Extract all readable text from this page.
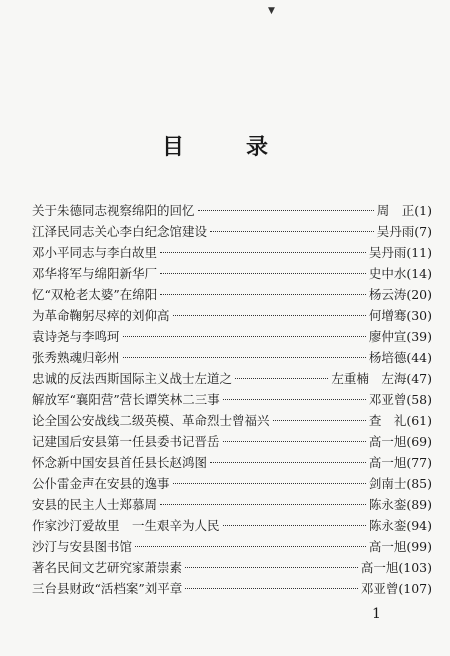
▼
目　录
关于朱德同志视察绵阳的回忆	周　正 (1)
江泽民同志关心李白纪念馆建设	吴丹雨 (7)
邓小平同志与李白故里	吴丹雨 (11)
邓华将军与绵阳新华厂	史中水 (14)
忆“双枪老太婆”在绵阳	杨云涛 (20)
为革命鞠躬尽瘁的刘仰高	何增骞 (30)
袁诗尧与李鸣珂	廖仲宣 (39)
张秀熟魂归彰州	杨培德 (44)
忠诚的反法西斯国际主义战士左道之	左重楠　左海 (47)
解放军“襄阳营”营长谭笑林二三事	邓亚曾 (58)
论全国公安战线二级英模、革命烈士曾福兴	查　礼 (61)
记建国后安县第一任县委书记晋岳	高一旭 (69)
怀念新中国安县首任县长赵鸿图	高一旭 (77)
公仆雷金声在安县的逸事	剑南士 (85)
安县的民主人士郑慕周	陈永銮 (89)
作家沙汀爱故里　一生艰辛为人民	陈永銮 (94)
沙汀与安县图书馆	高一旭 (99)
著名民间文艺研究家萧崇素	高一旭 (103)
三台县财政“活档案”刘平章	邓亚曾 (107)
1
